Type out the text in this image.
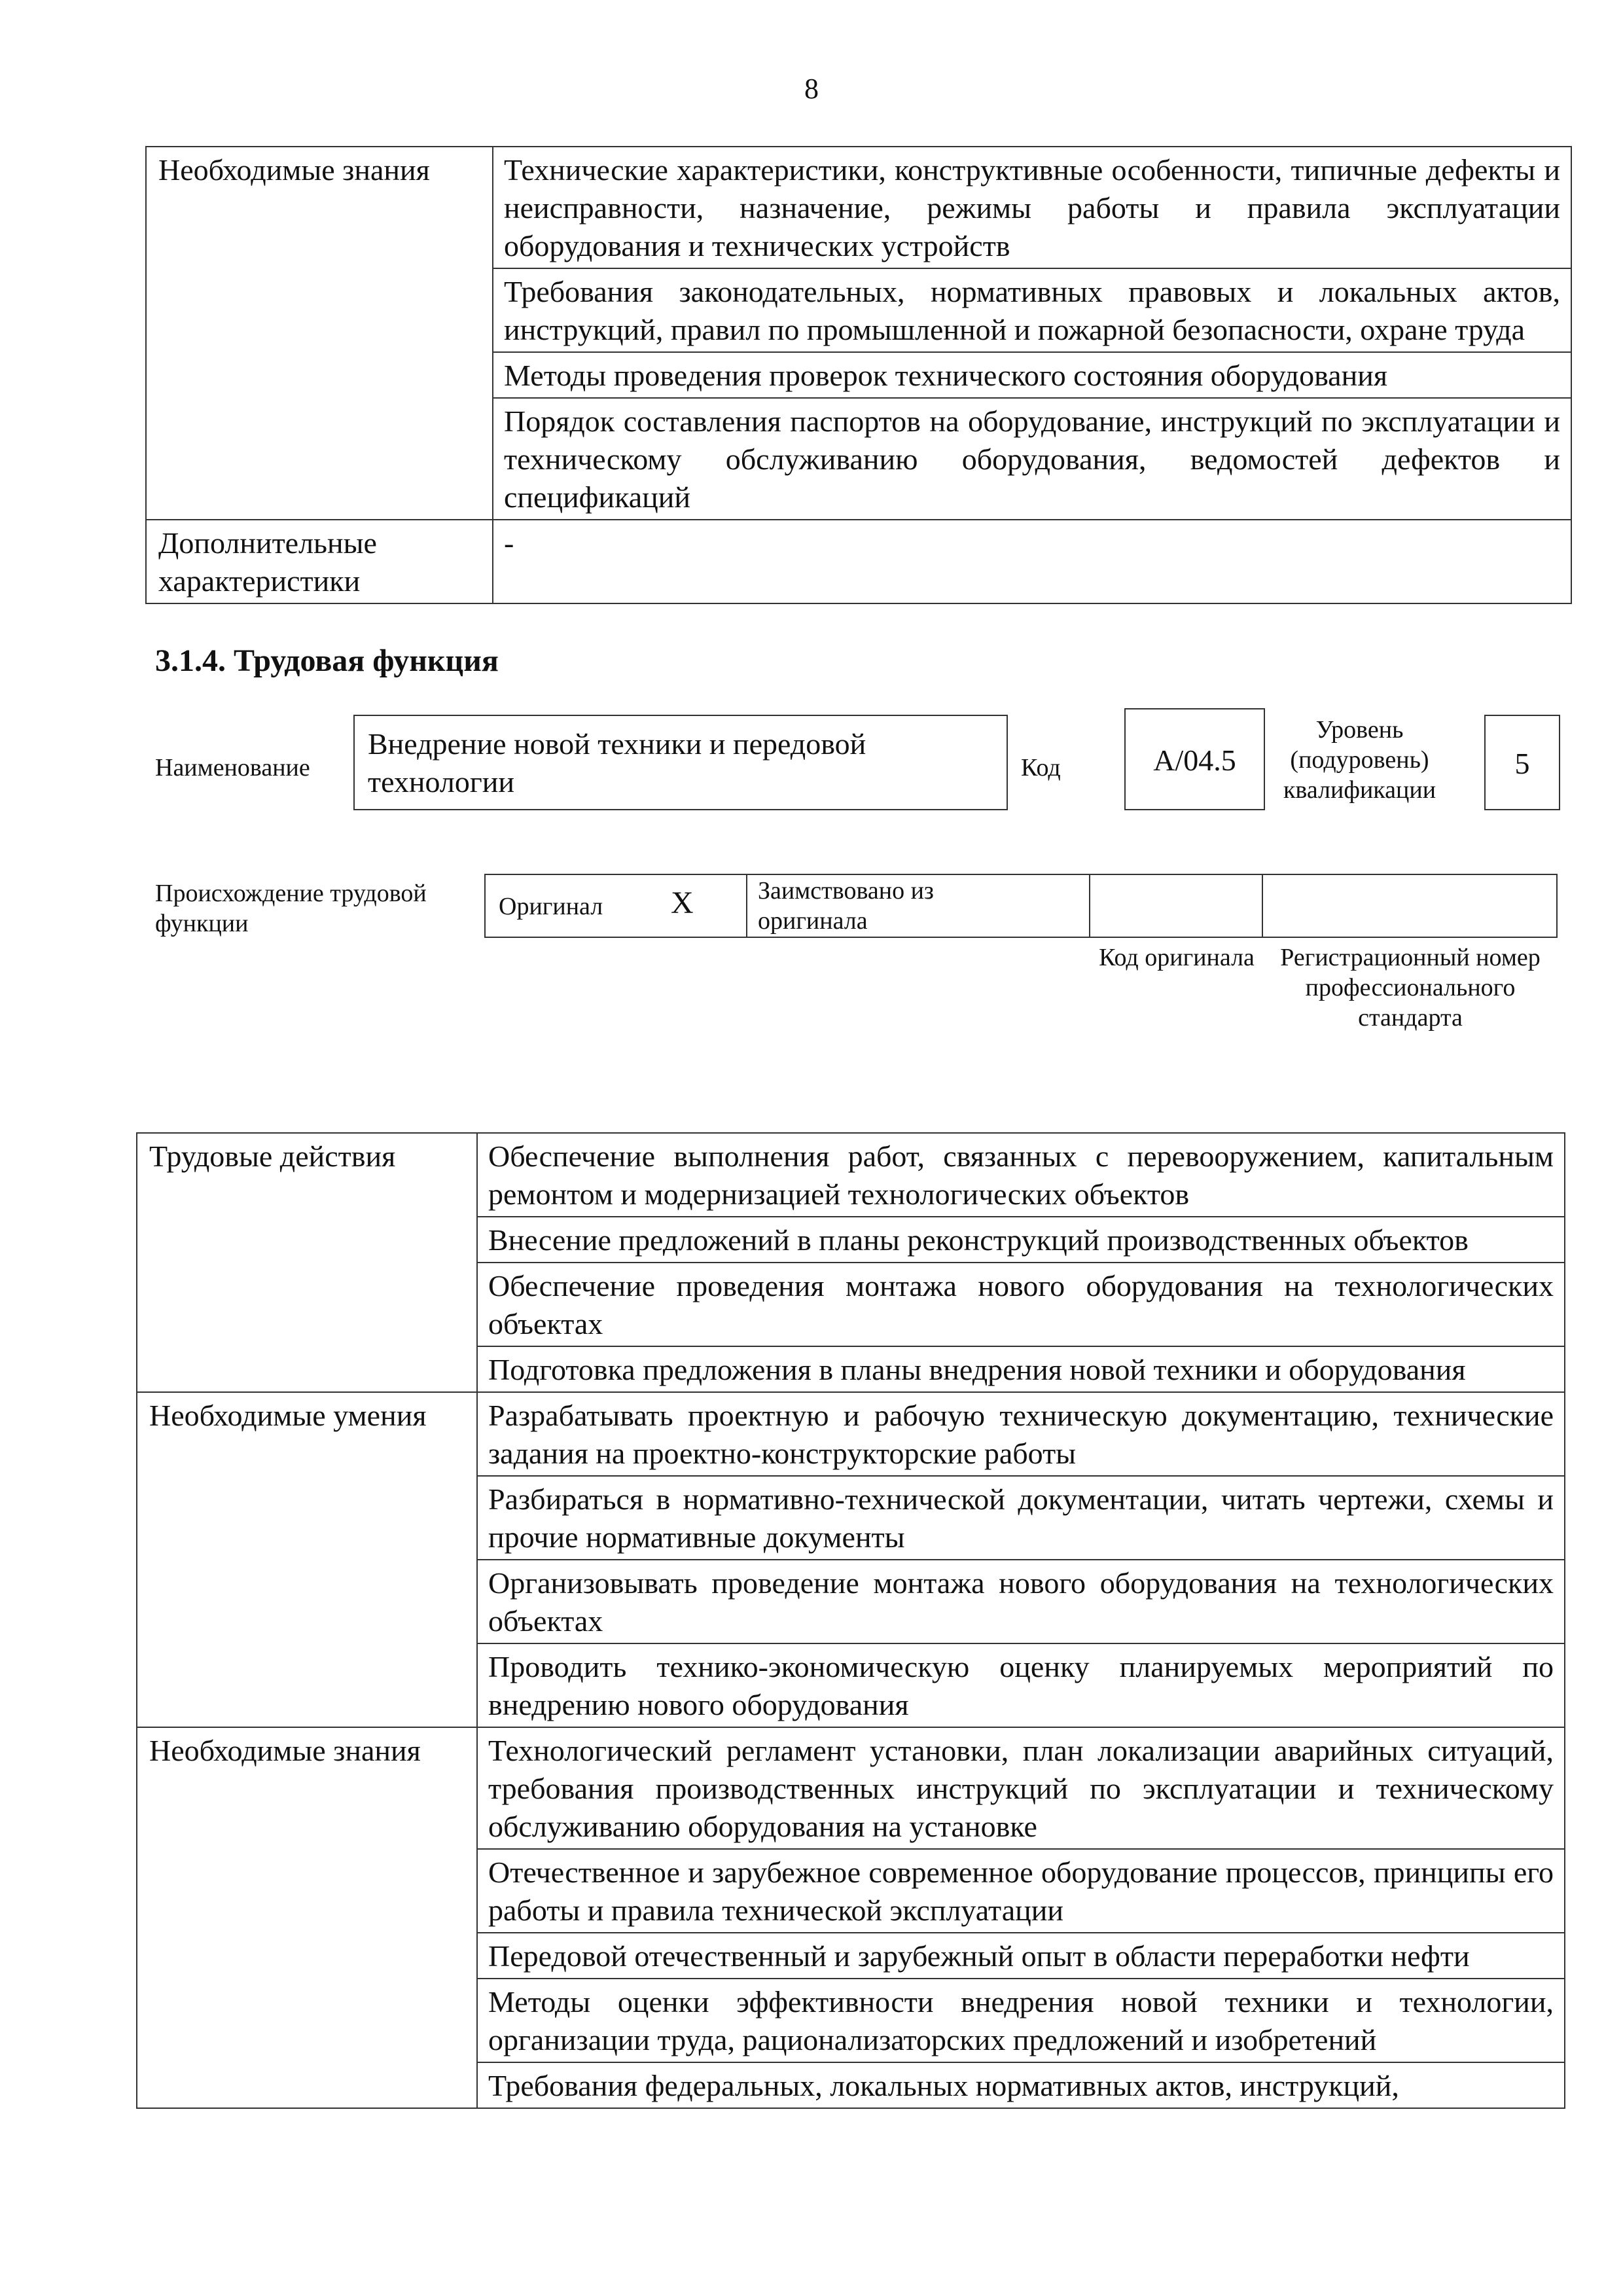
8
Необходимые знания	Технические характеристики, конструктивные особенности, типичные дефекты и неисправности, назначение, режимы работы и правила эксплуатации оборудования и технических устройств
	Требования законодательных, нормативных правовых и локальных актов, инструкций, правил по промышленной и пожарной безопасности, охране труда
	Методы проведения проверок технического состояния оборудования
	Порядок составления паспортов на оборудование, инструкций по эксплуатации и техническому обслуживанию оборудования, ведомостей дефектов и спецификаций
Дополнительные характеристики	-
3.1.4. Трудовая функция
Наименование
Внедрение новой техники и передовой технологии	Код	А/04.5
Уровень (подуровень) квалификации
5
Происхождение трудовой функции
Оригинал X	Заимствовано из оригинала
Код оригинала	Регистрационный номер профессионального стандарта
Трудовые действия	Обеспечение выполнения работ, связанных с перевооружением, капитальным ремонтом и модернизацией технологических объектов
	Внесение предложений в планы реконструкций производственных объектов
	Обеспечение проведения монтажа нового оборудования на технологических объектах
	Подготовка предложения в планы внедрения новой техники и оборудования
Необходимые умения	Разрабатывать проектную и рабочую техническую документацию, технические задания на проектно-конструкторские работы
	Разбираться в нормативно-технической документации, читать чертежи, схемы и прочие нормативные документы
	Организовывать проведение монтажа нового оборудования на технологических объектах
	Проводить технико-экономическую оценку планируемых мероприятий по внедрению нового оборудования
Необходимые знания	Технологический регламент установки, план локализации аварийных ситуаций, требования производственных инструкций по эксплуатации и техническому обслуживанию оборудования на установке
	Отечественное и зарубежное современное оборудование процессов, принципы его работы и правила технической эксплуатации
	Передовой отечественный и зарубежный опыт в области переработки нефти
	Методы оценки эффективности внедрения новой техники и технологии, организации труда, рационализаторских предложений и изобретений
	Требования федеральных, локальных нормативных актов, инструкций,
